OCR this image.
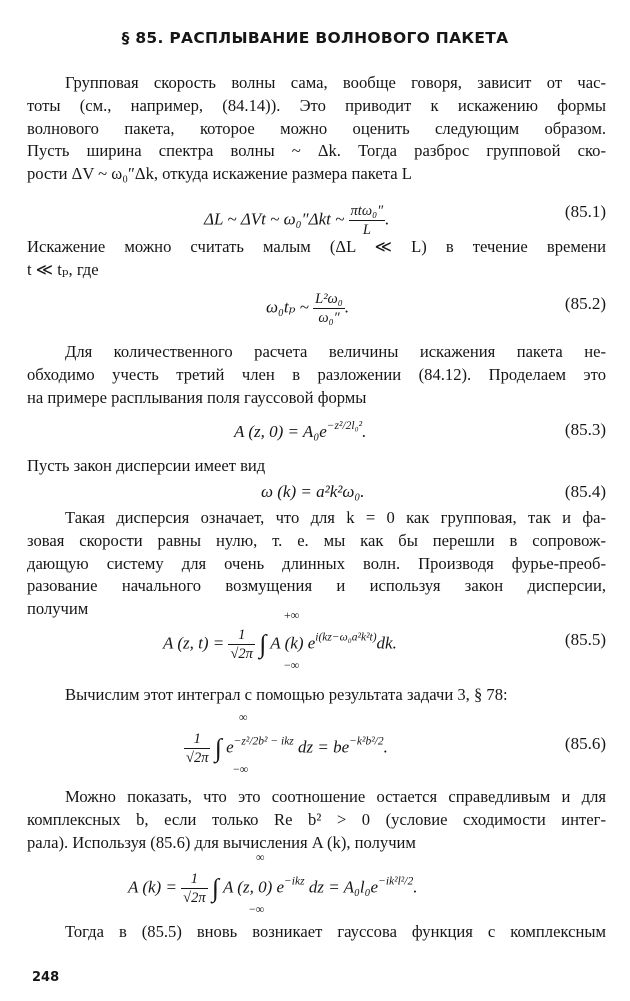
§ 85. РАСПЛЫВАНИЕ ВОЛНОВОГО ПАКЕТА
Групповая скорость волны сама, вообще говоря, зависит от час-
тоты (см., например, (84.14)). Это приводит к искажению формы
волнового пакета, которое можно оценить следующим образом.
Пусть ширина спектра волны ~ Δk. Тогда разброс групповой ско-
рости ΔV ~ ω₀″Δk, откуда искажение размера пакета L
ΔL ~ ΔVt ~ ω₀″Δkt ~ $\frac{\text{πtω₀″}}{L}$ .	(85.1)
Искажение можно считать малым (ΔL ≪ L) в течение времени
t ≪ tₚ, где
ω₀tₚ ~ $\frac{\text{L²ω₀}}{\text{ω₀″}}$ .	(85.2)
Для количественного расчета величины искажения пакета не-
обходимо учесть третий член в разложении (84.12). Проделаем это
на примере расплывания поля гауссовой формы
A (z, $0) = A_0e^{-z^2/2l_0^2}$.	(85.3)
Пусть закон дисперсии имеет вид
ω (k) = a²k²ω₀.	(85.4)
Такая дисперсия означает, что для k = 0 как групповая, так и фа-
зовая скорости равны нулю, т. е. мы как бы перешли в сопровож-
дающую систему для очень длинных волн. Производя фурье-преоб-
разование начального возмущения и используя закон дисперсии,
получим
A (z, $t) = \frac{1}{√2\pi}$ ∫ A (k) $e^{i(kz-\omega_0a^2k^2t)}dk$.
+∞
−∞
(85.5)
Вычислим этот интеграл с помощью результата задачи 3, § 78:
$\frac{1}{√2\pi}$ ∫ $e^{-z^2/2b^2 - ikz}$ dz = $be^{-k^2b^2/2}$.
∞
−∞
(85.6)
Можно показать, что это соотношение остается справедливым и для
комплексных b, если только Re b² > 0 (условие сходимости интег-
рала). Используя (85.6) для вычисления A (k), получим
A $(k) = \frac{1}{√2\pi}$ ∫ A (z, 0) $e^{-ikz}$ dz = $A_0l_0e^{-ik^2l^2/2}$.
∞
−∞
Тогда в (85.5) вновь возникает гауссова функция с комплексным
248
